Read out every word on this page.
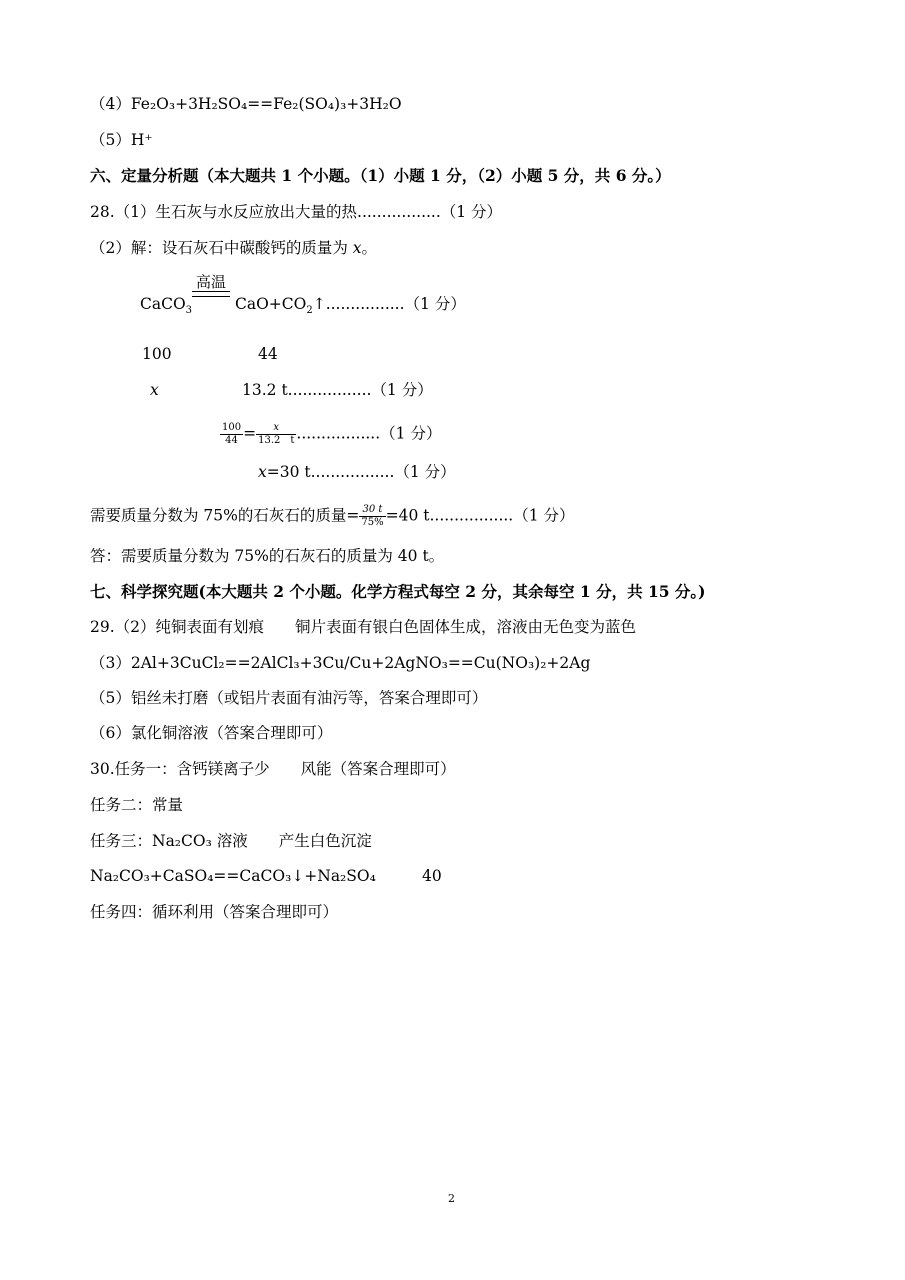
（4）Fe₂O₃+3H₂SO₄==Fe₂(SO₄)₃+3H₂O
（5）H⁺
六、定量分析题（本大题共 1 个小题。（1）小题 1 分，（2）小题 5 分，共 6 分。）
28.（1）生石灰与水反应放出大量的热.................（1 分）
（2）解：设石灰石中碳酸钙的质量为 x。
CaCO$_3$
高温
$CaO+CO_2↑................(1$ 分）
100	44
x	13.2 t.................（1 分）
$\frac{100}{44} = \frac{x}{13.2 t} .................(1$ 分）
x=30 t.................（1 分）
需要质量分数为 75%的石灰石的质量= $\frac{30 t}{75\%} =40$ t.................（1 分）
答：需要质量分数为 75%的石灰石的质量为 40 t。
七、科学探究题(本大题共 2 个小题。化学方程式每空 2 分，其余每空 1 分，共 15 分。)
29.（2）纯铜表面有划痕　　铜片表面有银白色固体生成，溶液由无色变为蓝色
（3）2Al+3CuCl₂==2AlCl₃+3Cu/Cu+2AgNO₃==Cu(NO₃)₂+2Ag
（5）铝丝未打磨（或铝片表面有油污等，答案合理即可）
（6）氯化铜溶液（答案合理即可）
30.任务一：含钙镁离子少　　风能（答案合理即可）
任务二：常量
任务三：Na₂CO₃ 溶液　　产生白色沉淀
Na₂CO₃+CaSO₄==CaCO₃↓+Na₂SO₄	40
任务四：循环利用（答案合理即可）
2
